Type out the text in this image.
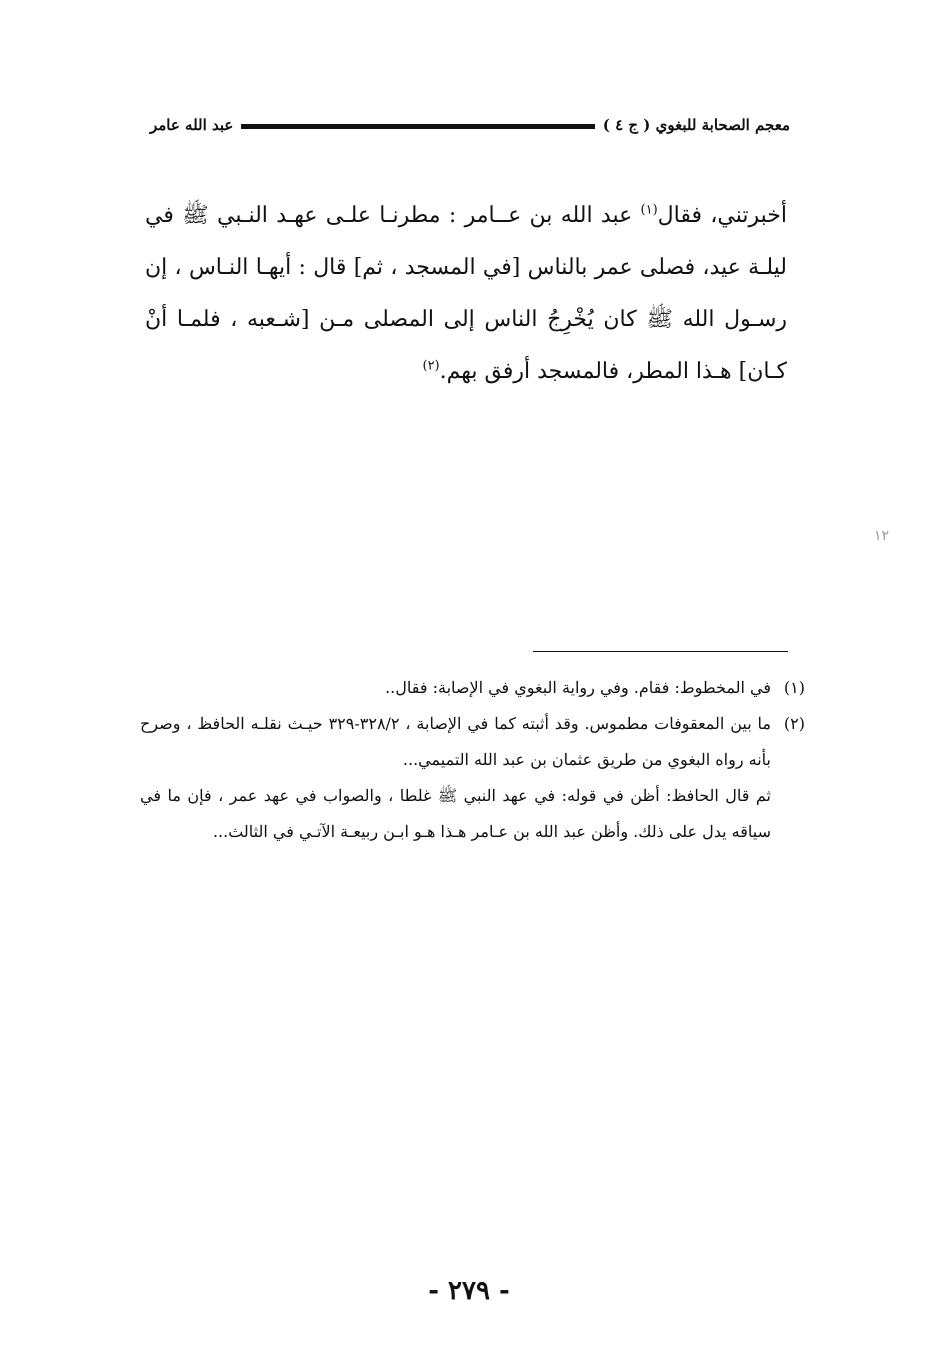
معجم الصحابة للبغوي ( ج ٤ )
عبد الله عامر

أخبرتني، فقال$^{(١)}$ عبد الله بن عــامر : مطرنـا علـى عهـد النـبي ﷺ في ليلـة عيد، فصلى عمر بالناس [في المسجد ، ثم] قال : أيهـا النـاس ، إن رسـول الله ﷺ كان يُخْرِجُ الناس إلى المصلى مـن [شـعبه ، فلمـا أنْ كـان] هـذا المطر، فالمسجد أرفق بهم.$^{(٢)}$

١٢
(١)
في المخطوط: فقام. وفي رواية البغوي في الإصابة: فقال..
(٢)
ما بين المعقوفات مطموس. وقد أثبته كما في الإصابة ، ٣٢٨/٢-٣٢٩ حيـث نقلـه الحافظ ، وصرح بأنه رواه البغوي من طريق عثمان بن عبد الله التميمي...

ثم قال الحافظ: أظن في قوله: في عهد النبي ﷺ غلطا ، والصواب في عهد عمر ، فإن ما في سياقه يدل على ذلك. وأظن عبد الله بن عـامر هـذا هـو ابـن ربيعـة الآتـي في الثالث...

- ٢٧٩ -
